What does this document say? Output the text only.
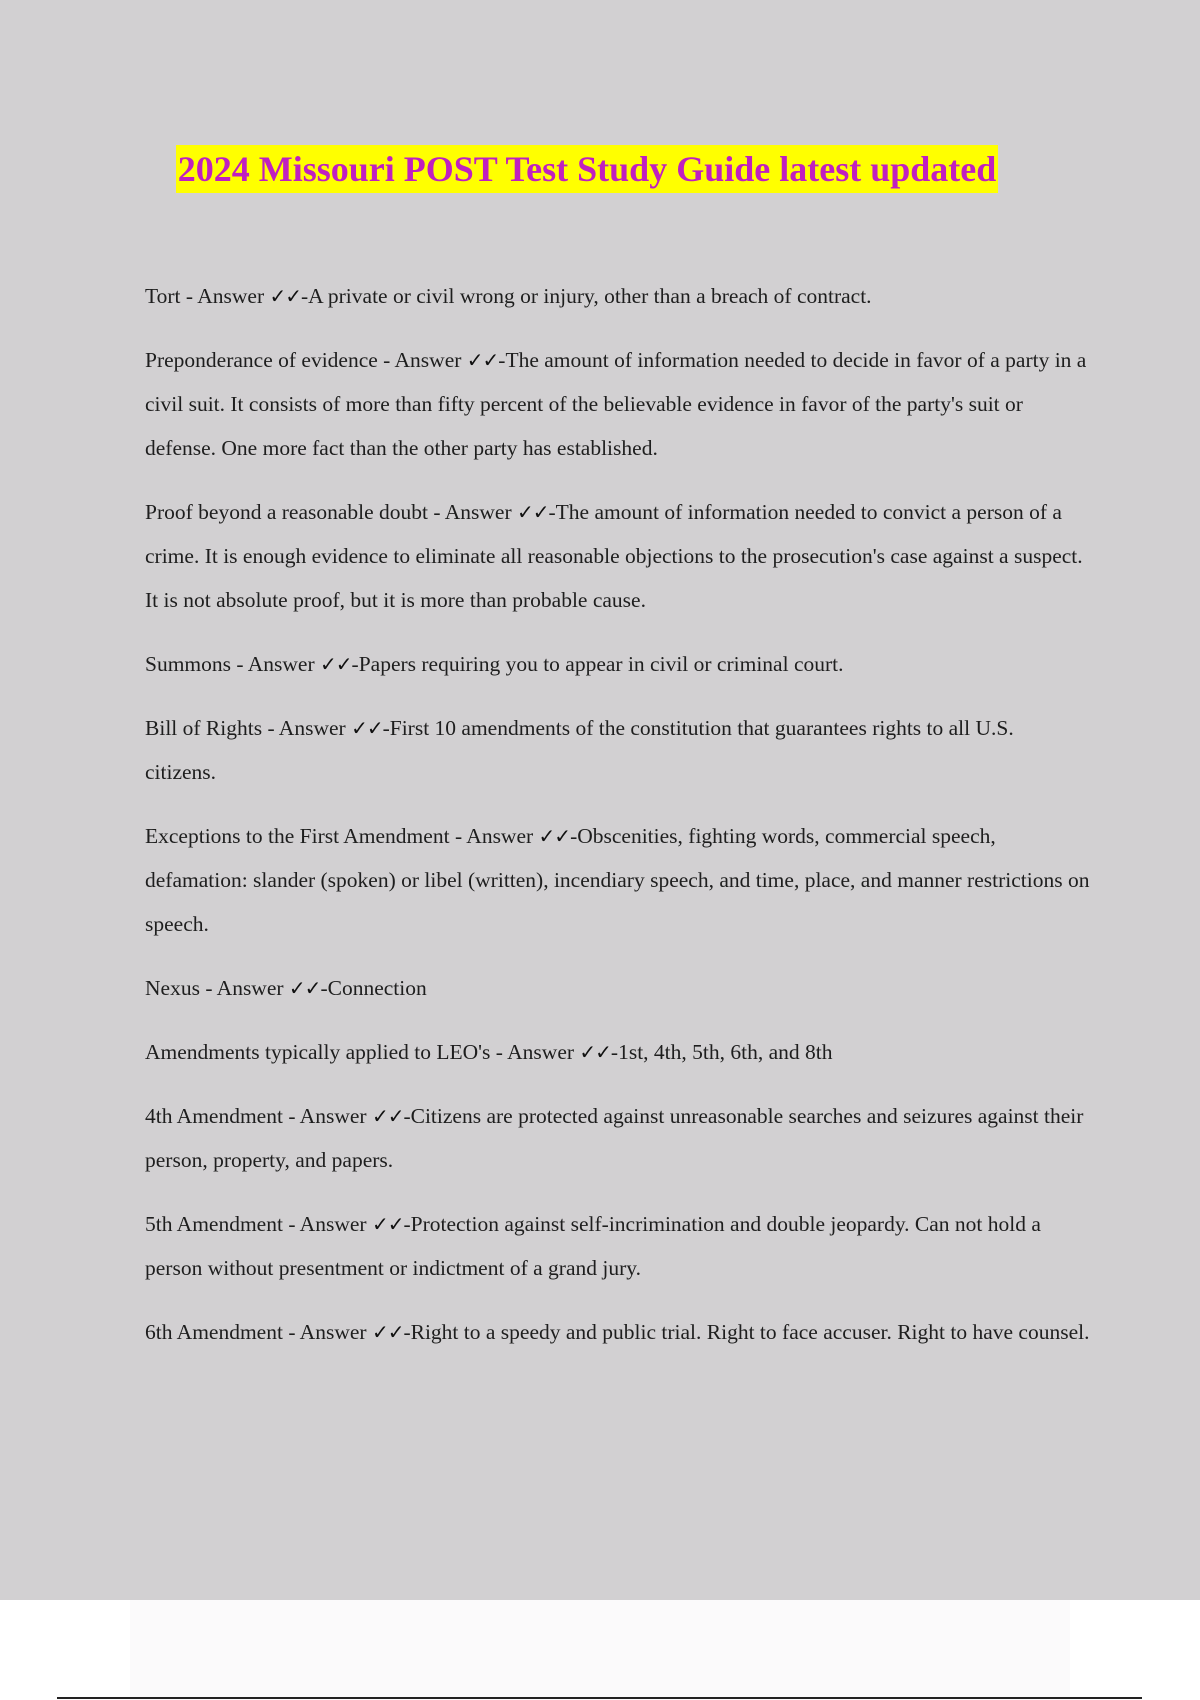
2024 Missouri POST Test Study Guide latest updated

Tort - Answer ✓✓-A private or civil wrong or injury, other than a breach of contract.

Preponderance of evidence - Answer ✓✓-The amount of information needed to decide in favor of a party in a civil suit. It consists of more than fifty percent of the believable evidence in favor of the party's suit or defense. One more fact than the other party has established.

Proof beyond a reasonable doubt - Answer ✓✓-The amount of information needed to convict a person of a crime. It is enough evidence to eliminate all reasonable objections to the prosecution's case against a suspect. It is not absolute proof, but it is more than probable cause.

Summons - Answer ✓✓-Papers requiring you to appear in civil or criminal court.

Bill of Rights - Answer ✓✓-First 10 amendments of the constitution that guarantees rights to all U.S. citizens.

Exceptions to the First Amendment - Answer ✓✓-Obscenities, fighting words, commercial speech, defamation: slander (spoken) or libel (written), incendiary speech, and time, place, and manner restrictions on speech.

Nexus - Answer ✓✓-Connection

Amendments typically applied to LEO's - Answer ✓✓-1st, 4th, 5th, 6th, and 8th

4th Amendment - Answer ✓✓-Citizens are protected against unreasonable searches and seizures against their person, property, and papers.

5th Amendment - Answer ✓✓-Protection against self-incrimination and double jeopardy. Can not hold a person without presentment or indictment of a grand jury.

6th Amendment - Answer ✓✓-Right to a speedy and public trial. Right to face accuser. Right to have counsel.
